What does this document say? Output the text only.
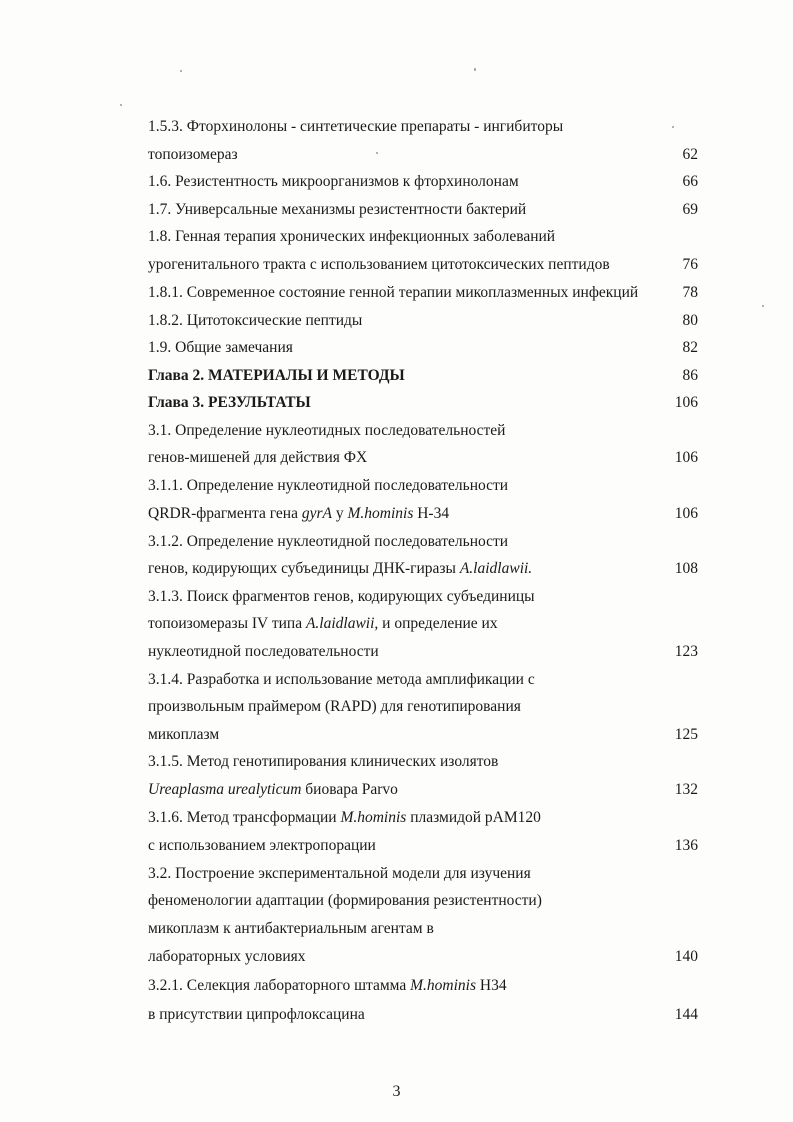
1.5.3. Фторхинолоны - синтетические препараты - ингибиторы
топоизомераз	62
1.6. Резистентность микроорганизмов к фторхинолонам	66
1.7. Универсальные механизмы резистентности бактерий	69
1.8. Генная терапия хронических инфекционных заболеваний
урогенитального тракта с использованием цитотоксических пептидов	76
1.8.1. Современное состояние генной терапии микоплазменных инфекций	78
1.8.2. Цитотоксические пептиды	80
1.9. Общие замечания	82
Глава 2. МАТЕРИАЛЫ И МЕТОДЫ	86
Глава 3. РЕЗУЛЬТАТЫ	106
3.1. Определение нуклеотидных последовательностей
генов-мишеней для действия ФХ	106
3.1.1. Определение нуклеотидной последовательности
QRDR-фрагмента гена gyrA у M.hominis H-34	106
3.1.2. Определение нуклеотидной последовательности
генов, кодирующих субъединицы ДНК-гиразы A.laidlawii.	108
3.1.3. Поиск фрагментов генов, кодирующих субъединицы
топоизомеразы IV типа A.laidlawii, и определение их
нуклеотидной последовательности	123
3.1.4. Разработка и использование метода амплификации с
произвольным праймером (RAPD) для генотипирования
микоплазм	125
3.1.5. Метод генотипирования клинических изолятов
Ureaplasma urealyticum биовара Parvo	132
3.1.6. Метод трансформации M.hominis плазмидой pAM120
с использованием электропорации	136
3.2. Построение экспериментальной модели для изучения
феноменологии адаптации (формирования резистентности)
микоплазм к антибактериальным агентам в
лабораторных условиях	140
3.2.1. Селекция лабораторного штамма M.hominis H34
в присутствии ципрофлоксацина	144
3
